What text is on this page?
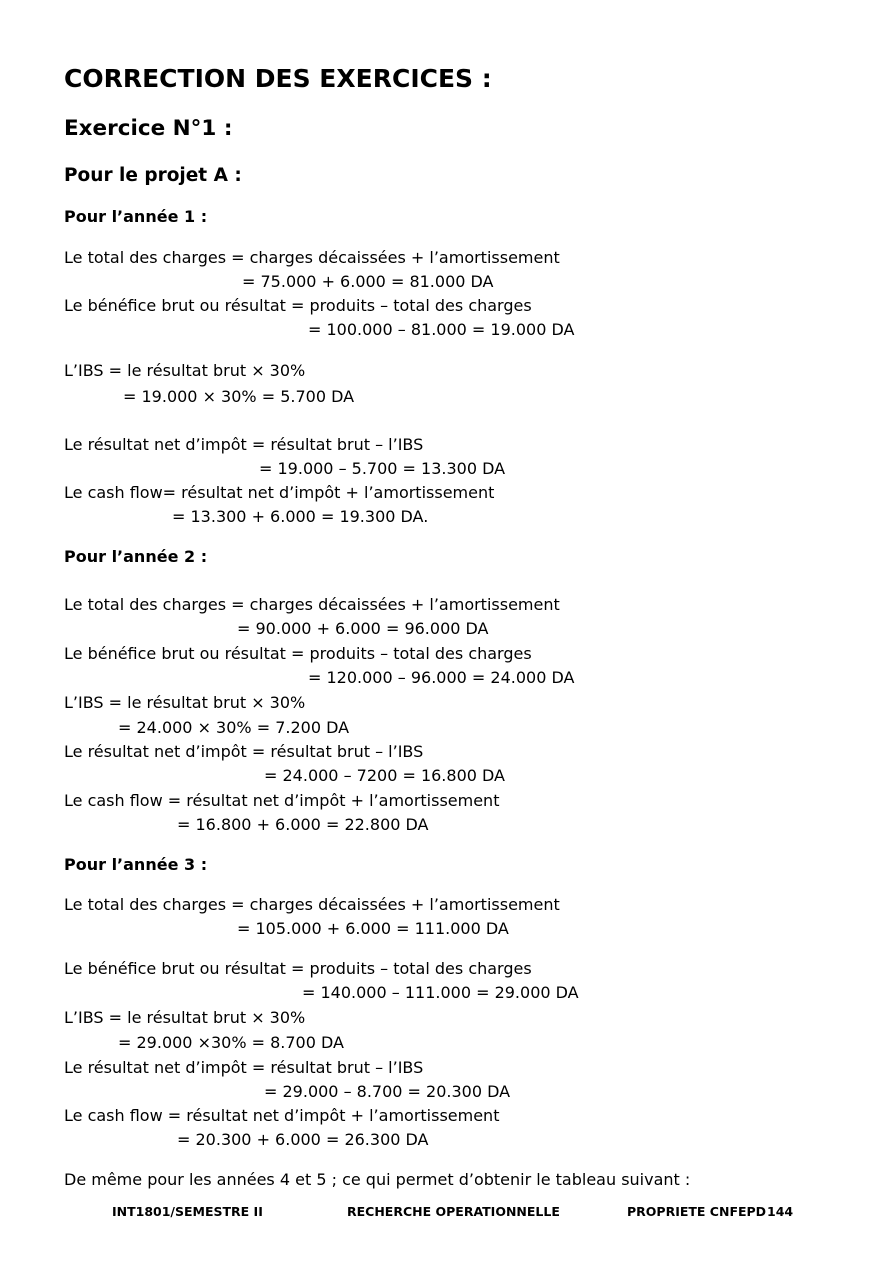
CORRECTION DES EXERCICES :
Exercice N°1 :
Pour le projet A :
Pour l’année 1 :
Le total des charges = charges décaissées + l’amortissement
= 75.000 + 6.000 = 81.000 DA
Le bénéfice brut ou résultat = produits – total des charges
= 100.000 – 81.000 = 19.000 DA
L’IBS = le résultat brut × 30%
= 19.000 × 30% = 5.700 DA
Le résultat net d’impôt = résultat brut – l’IBS
= 19.000 – 5.700 = 13.300 DA
Le cash flow= résultat net d’impôt + l’amortissement
= 13.300 + 6.000 = 19.300 DA.
Pour l’année 2 :
Le total des charges = charges décaissées + l’amortissement
= 90.000 + 6.000 = 96.000 DA
Le bénéfice brut ou résultat = produits – total des charges
= 120.000 – 96.000 = 24.000 DA
L’IBS = le résultat brut × 30%
= 24.000 × 30% = 7.200 DA
Le résultat net d’impôt = résultat brut – l’IBS
= 24.000 – 7200 = 16.800 DA
Le cash flow = résultat net d’impôt + l’amortissement
= 16.800 + 6.000 = 22.800 DA
Pour l’année 3 :
Le total des charges = charges décaissées + l’amortissement
= 105.000 + 6.000 = 111.000 DA
Le bénéfice brut ou résultat = produits – total des charges
= 140.000 – 111.000 = 29.000 DA
L’IBS = le résultat brut × 30%
= 29.000 ×30% = 8.700 DA
Le résultat net d’impôt = résultat brut – l’IBS
= 29.000 – 8.700 = 20.300 DA
Le cash flow = résultat net d’impôt + l’amortissement
= 20.300 + 6.000 = 26.300 DA
De même pour les années 4 et 5 ; ce qui permet d’obtenir le tableau suivant :
INT1801/SEMESTRE II	RECHERCHE OPERATIONNELLE	PROPRIETE CNFEPD 144
